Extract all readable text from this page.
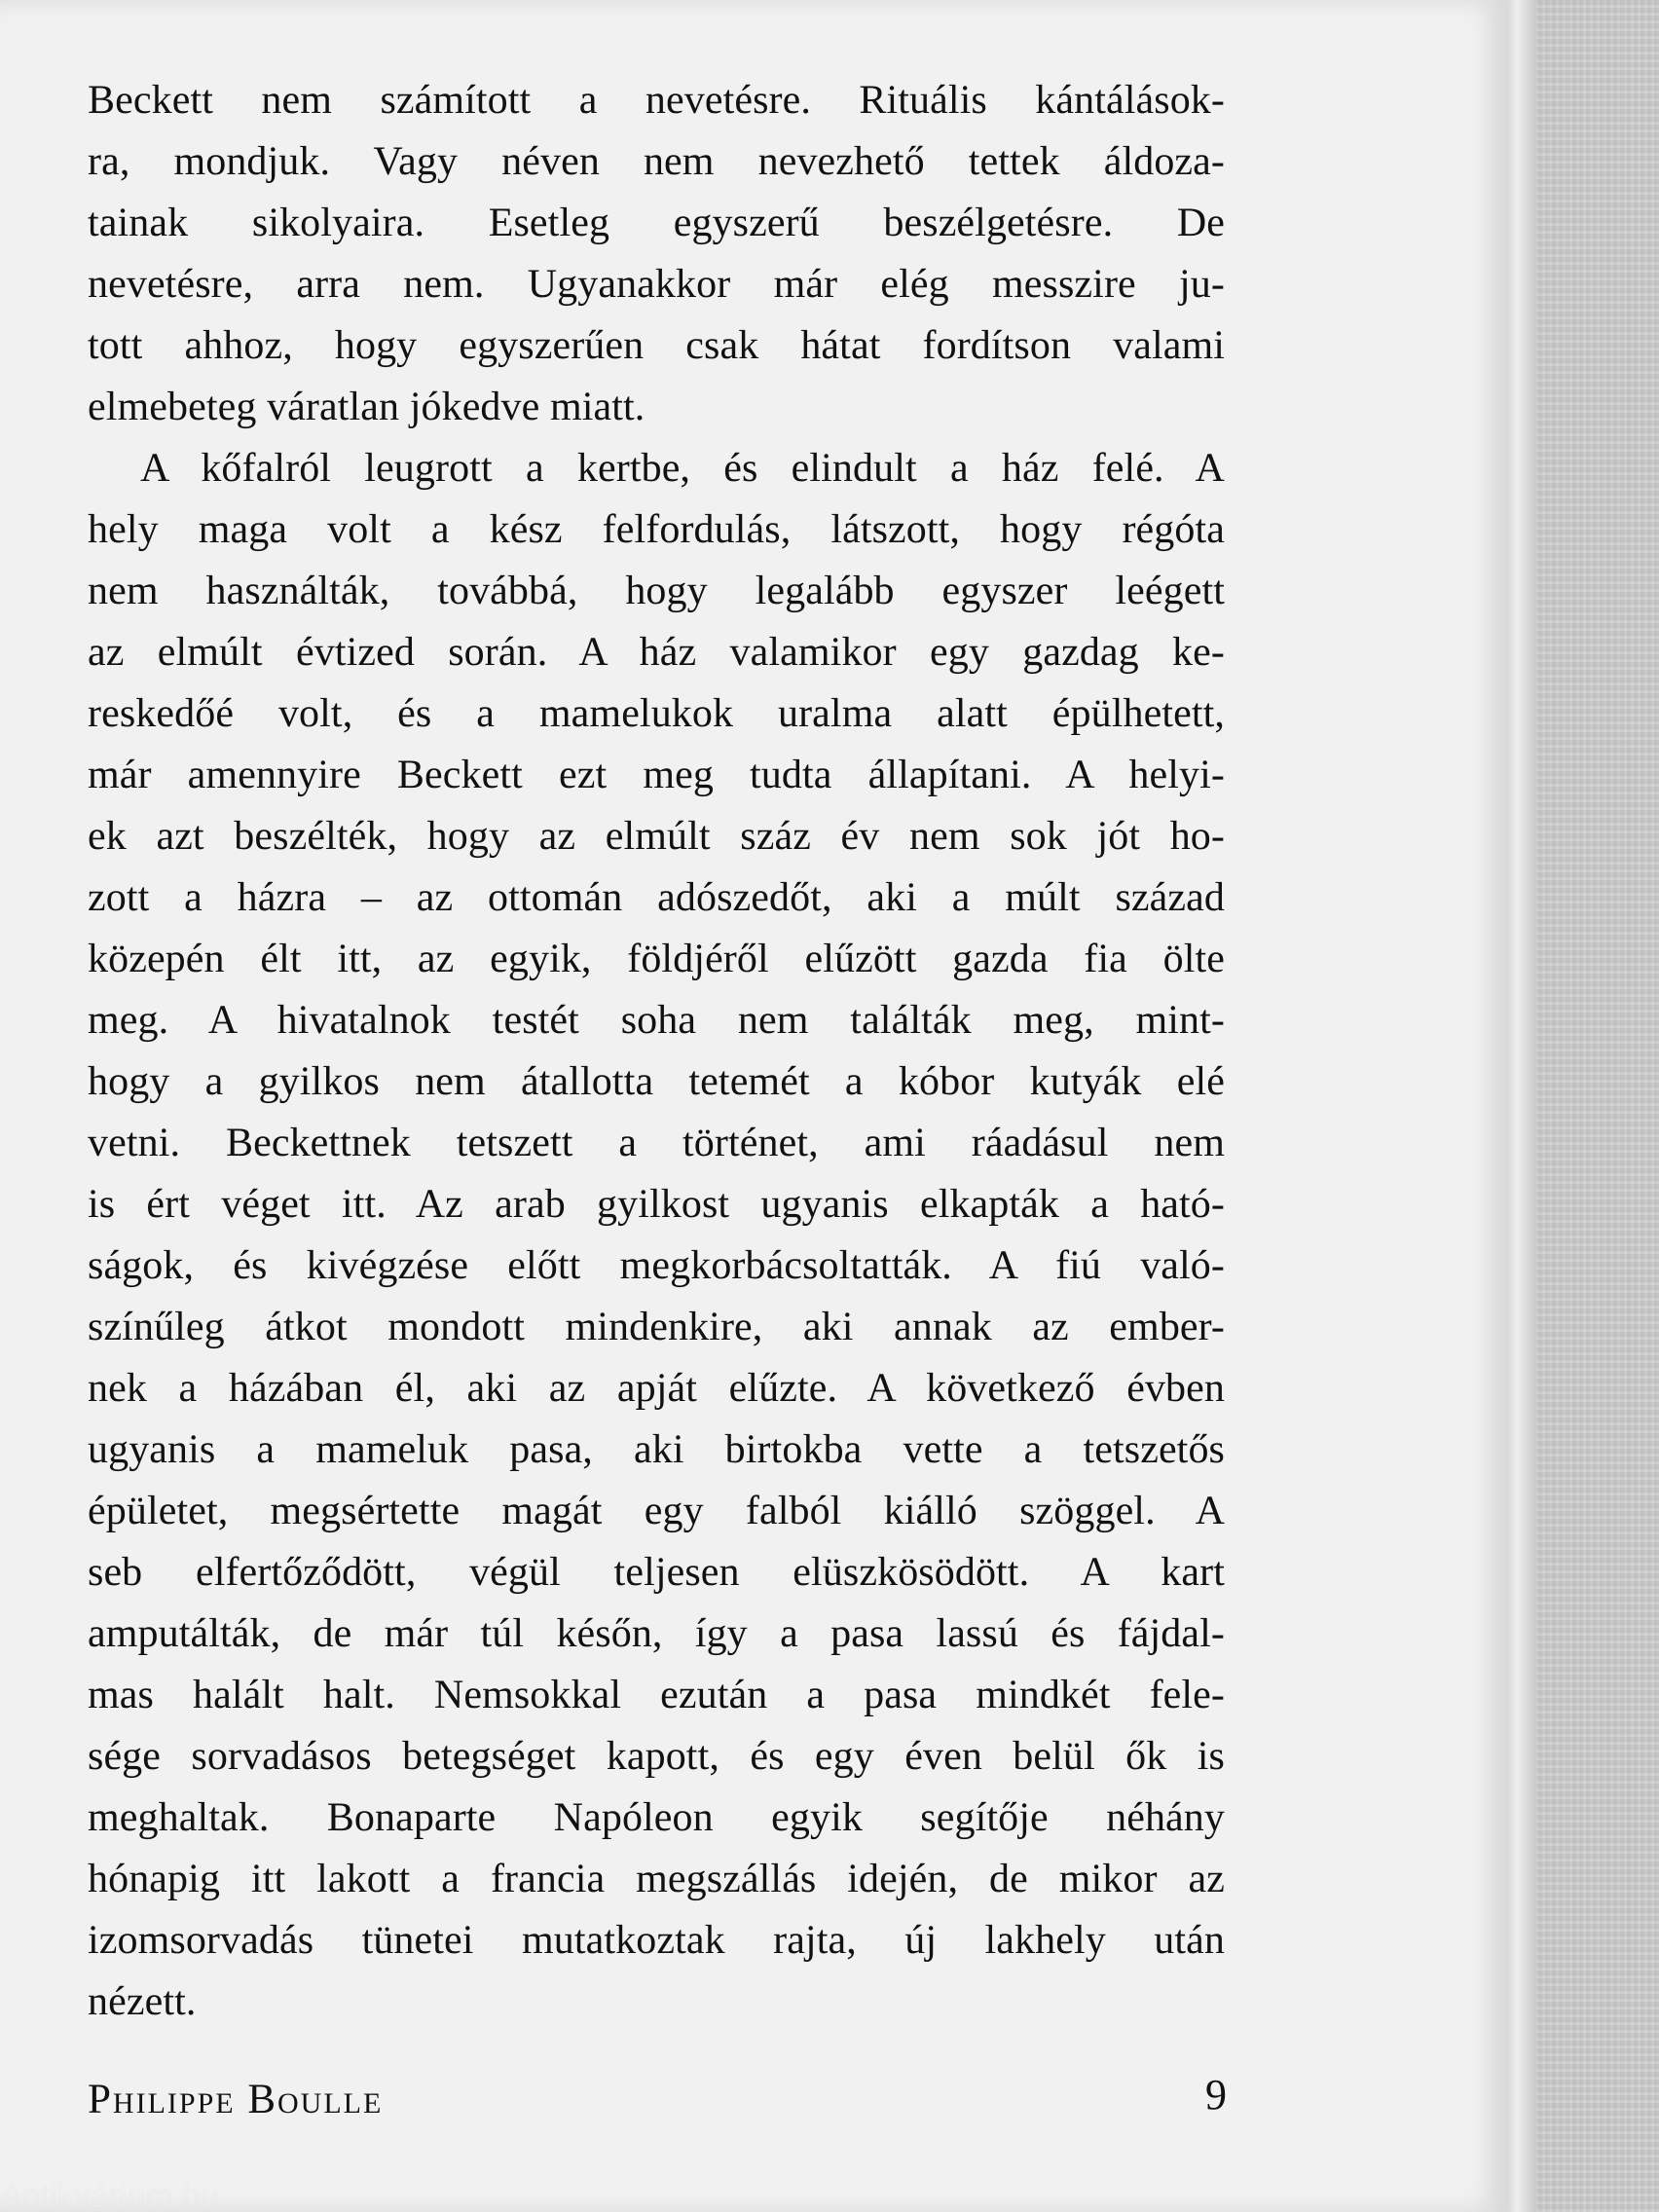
Beckett nem számított a nevetésre. Rituális kántálások-
ra, mondjuk. Vagy néven nem nevezhető tettek áldoza-
tainak sikolyaira. Esetleg egyszerű beszélgetésre. De
nevetésre, arra nem. Ugyanakkor már elég messzire ju-
tott ahhoz, hogy egyszerűen csak hátat fordítson valami
elmebeteg váratlan jókedve miatt.
A kőfalról leugrott a kertbe, és elindult a ház felé. A
hely maga volt a kész felfordulás, látszott, hogy régóta
nem használták, továbbá, hogy legalább egyszer leégett
az elmúlt évtized során. A ház valamikor egy gazdag ke-
reskedőé volt, és a mamelukok uralma alatt épülhetett,
már amennyire Beckett ezt meg tudta állapítani. A helyi-
ek azt beszélték, hogy az elmúlt száz év nem sok jót ho-
zott a házra – az ottomán adószedőt, aki a múlt század
közepén élt itt, az egyik, földjéről elűzött gazda fia ölte
meg. A hivatalnok testét soha nem találták meg, mint-
hogy a gyilkos nem átallotta tetemét a kóbor kutyák elé
vetni. Beckettnek tetszett a történet, ami ráadásul nem
is ért véget itt. Az arab gyilkost ugyanis elkapták a ható-
ságok, és kivégzése előtt megkorbácsoltatták. A fiú való-
színűleg átkot mondott mindenkire, aki annak az ember-
nek a házában él, aki az apját elűzte. A következő évben
ugyanis a mameluk pasa, aki birtokba vette a tetszetős
épületet, megsértette magát egy falból kiálló szöggel. A
seb elfertőződött, végül teljesen elüszkösödött. A kart
amputálták, de már túl későn, így a pasa lassú és fájdal-
mas halált halt. Nemsokkal ezután a pasa mindkét fele-
sége sorvadásos betegséget kapott, és egy éven belül ők is
meghaltak. Bonaparte Napóleon egyik segítője néhány
hónapig itt lakott a francia megszállás idején, de mikor az
izomsorvadás tünetei mutatkoztak rajta, új lakhely után
nézett.
Philippe Boulle	9
Antikvárium.hu
